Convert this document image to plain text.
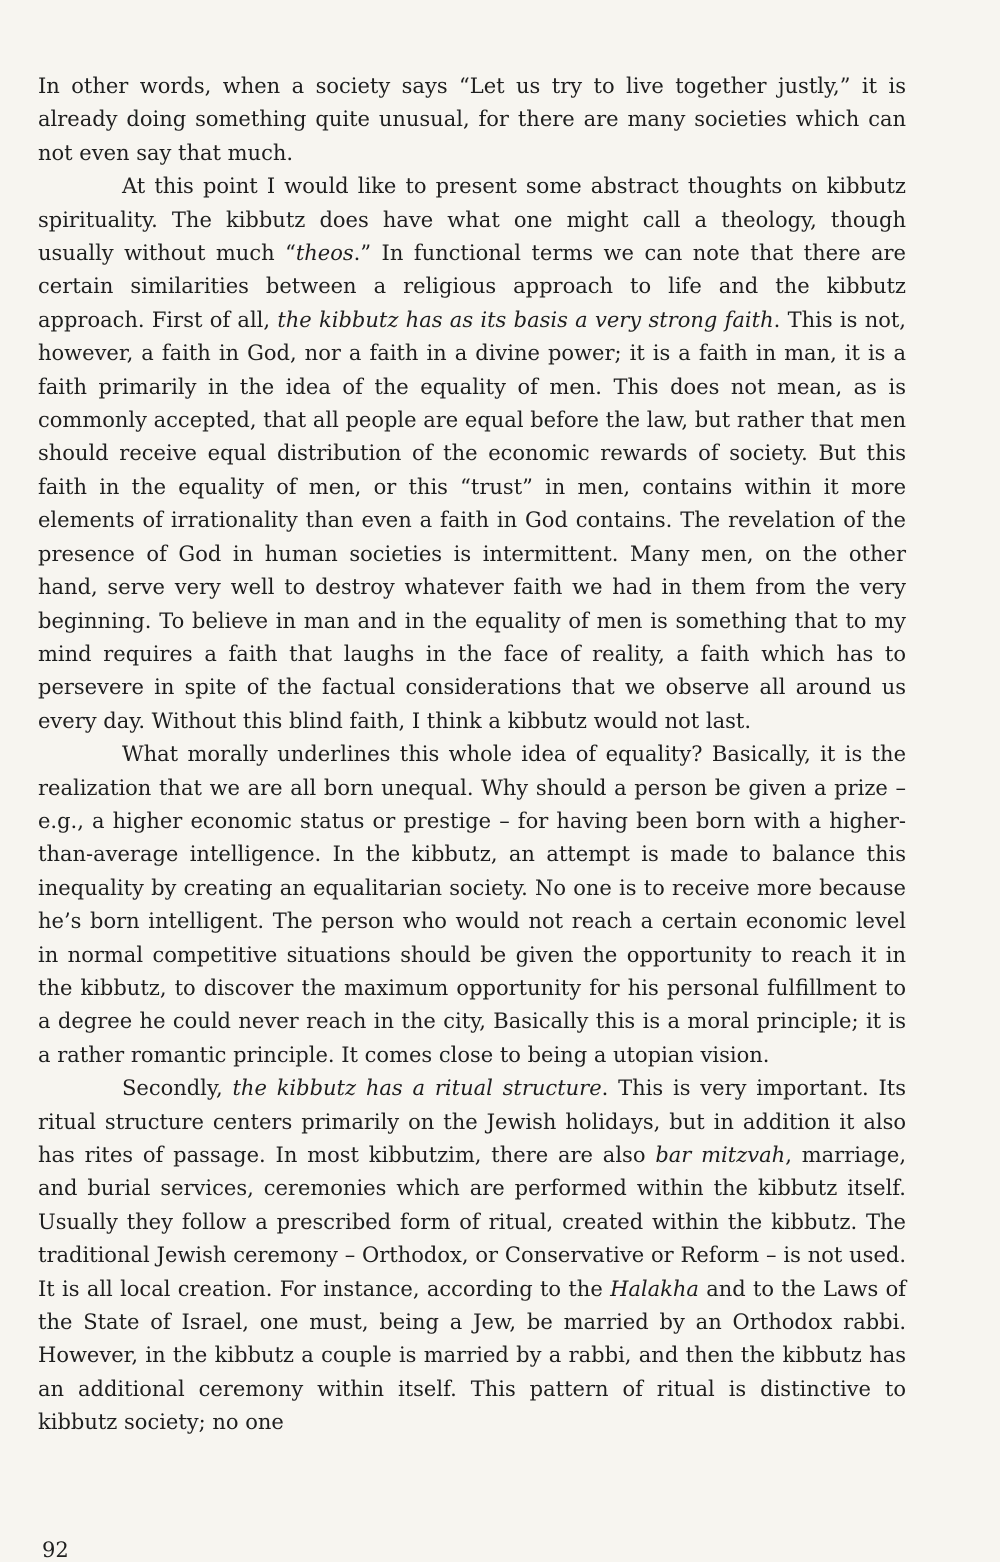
In other words, when a society says “Let us try to live together justly,” it is already doing something quite unusual, for there are many societies which can not even say that much.

At this point I would like to present some abstract thoughts on kibbutz spirituality. The kibbutz does have what one might call a theology, though usually without much “theos.” In functional terms we can note that there are certain similarities between a religious approach to life and the kibbutz approach. First of all, the kibbutz has as its basis a very strong faith. This is not, however, a faith in God, nor a faith in a divine power; it is a faith in man, it is a faith primarily in the idea of the equality of men. This does not mean, as is commonly accepted, that all people are equal before the law, but rather that men should receive equal distribution of the economic rewards of society. But this faith in the equality of men, or this “trust” in men, contains within it more elements of irrationality than even a faith in God contains. The revelation of the presence of God in human societies is intermittent. Many men, on the other hand, serve very well to destroy whatever faith we had in them from the very beginning. To believe in man and in the equality of men is something that to my mind requires a faith that laughs in the face of reality, a faith which has to persevere in spite of the factual considerations that we observe all around us every day. Without this blind faith, I think a kibbutz would not last.

What morally underlines this whole idea of equality? Basically, it is the realization that we are all born unequal. Why should a person be given a prize – e.g., a higher economic status or prestige – for having been born with a higher-than-average intelligence. In the kibbutz, an attempt is made to balance this inequality by creating an equalitarian society. No one is to receive more because he’s born intelligent. The person who would not reach a certain economic level in normal competitive situations should be given the opportunity to reach it in the kibbutz, to discover the maximum opportunity for his personal fulfillment to a degree he could never reach in the city, Basically this is a moral principle; it is a rather romantic principle. It comes close to being a utopian vision.

Secondly, the kibbutz has a ritual structure. This is very important. Its ritual structure centers primarily on the Jewish holidays, but in addition it also has rites of passage. In most kibbutzim, there are also bar mitzvah, marriage, and burial services, ceremonies which are performed within the kibbutz itself. Usually they follow a prescribed form of ritual, created within the kibbutz. The traditional Jewish ceremony – Orthodox, or Conservative or Reform – is not used. It is all local creation. For instance, according to the Halakha and to the Laws of the State of Israel, one must, being a Jew, be married by an Orthodox rabbi. However, in the kibbutz a couple is married by a rabbi, and then the kibbutz has an additional ceremony within itself. This pattern of ritual is distinctive to kibbutz society; no one

92
